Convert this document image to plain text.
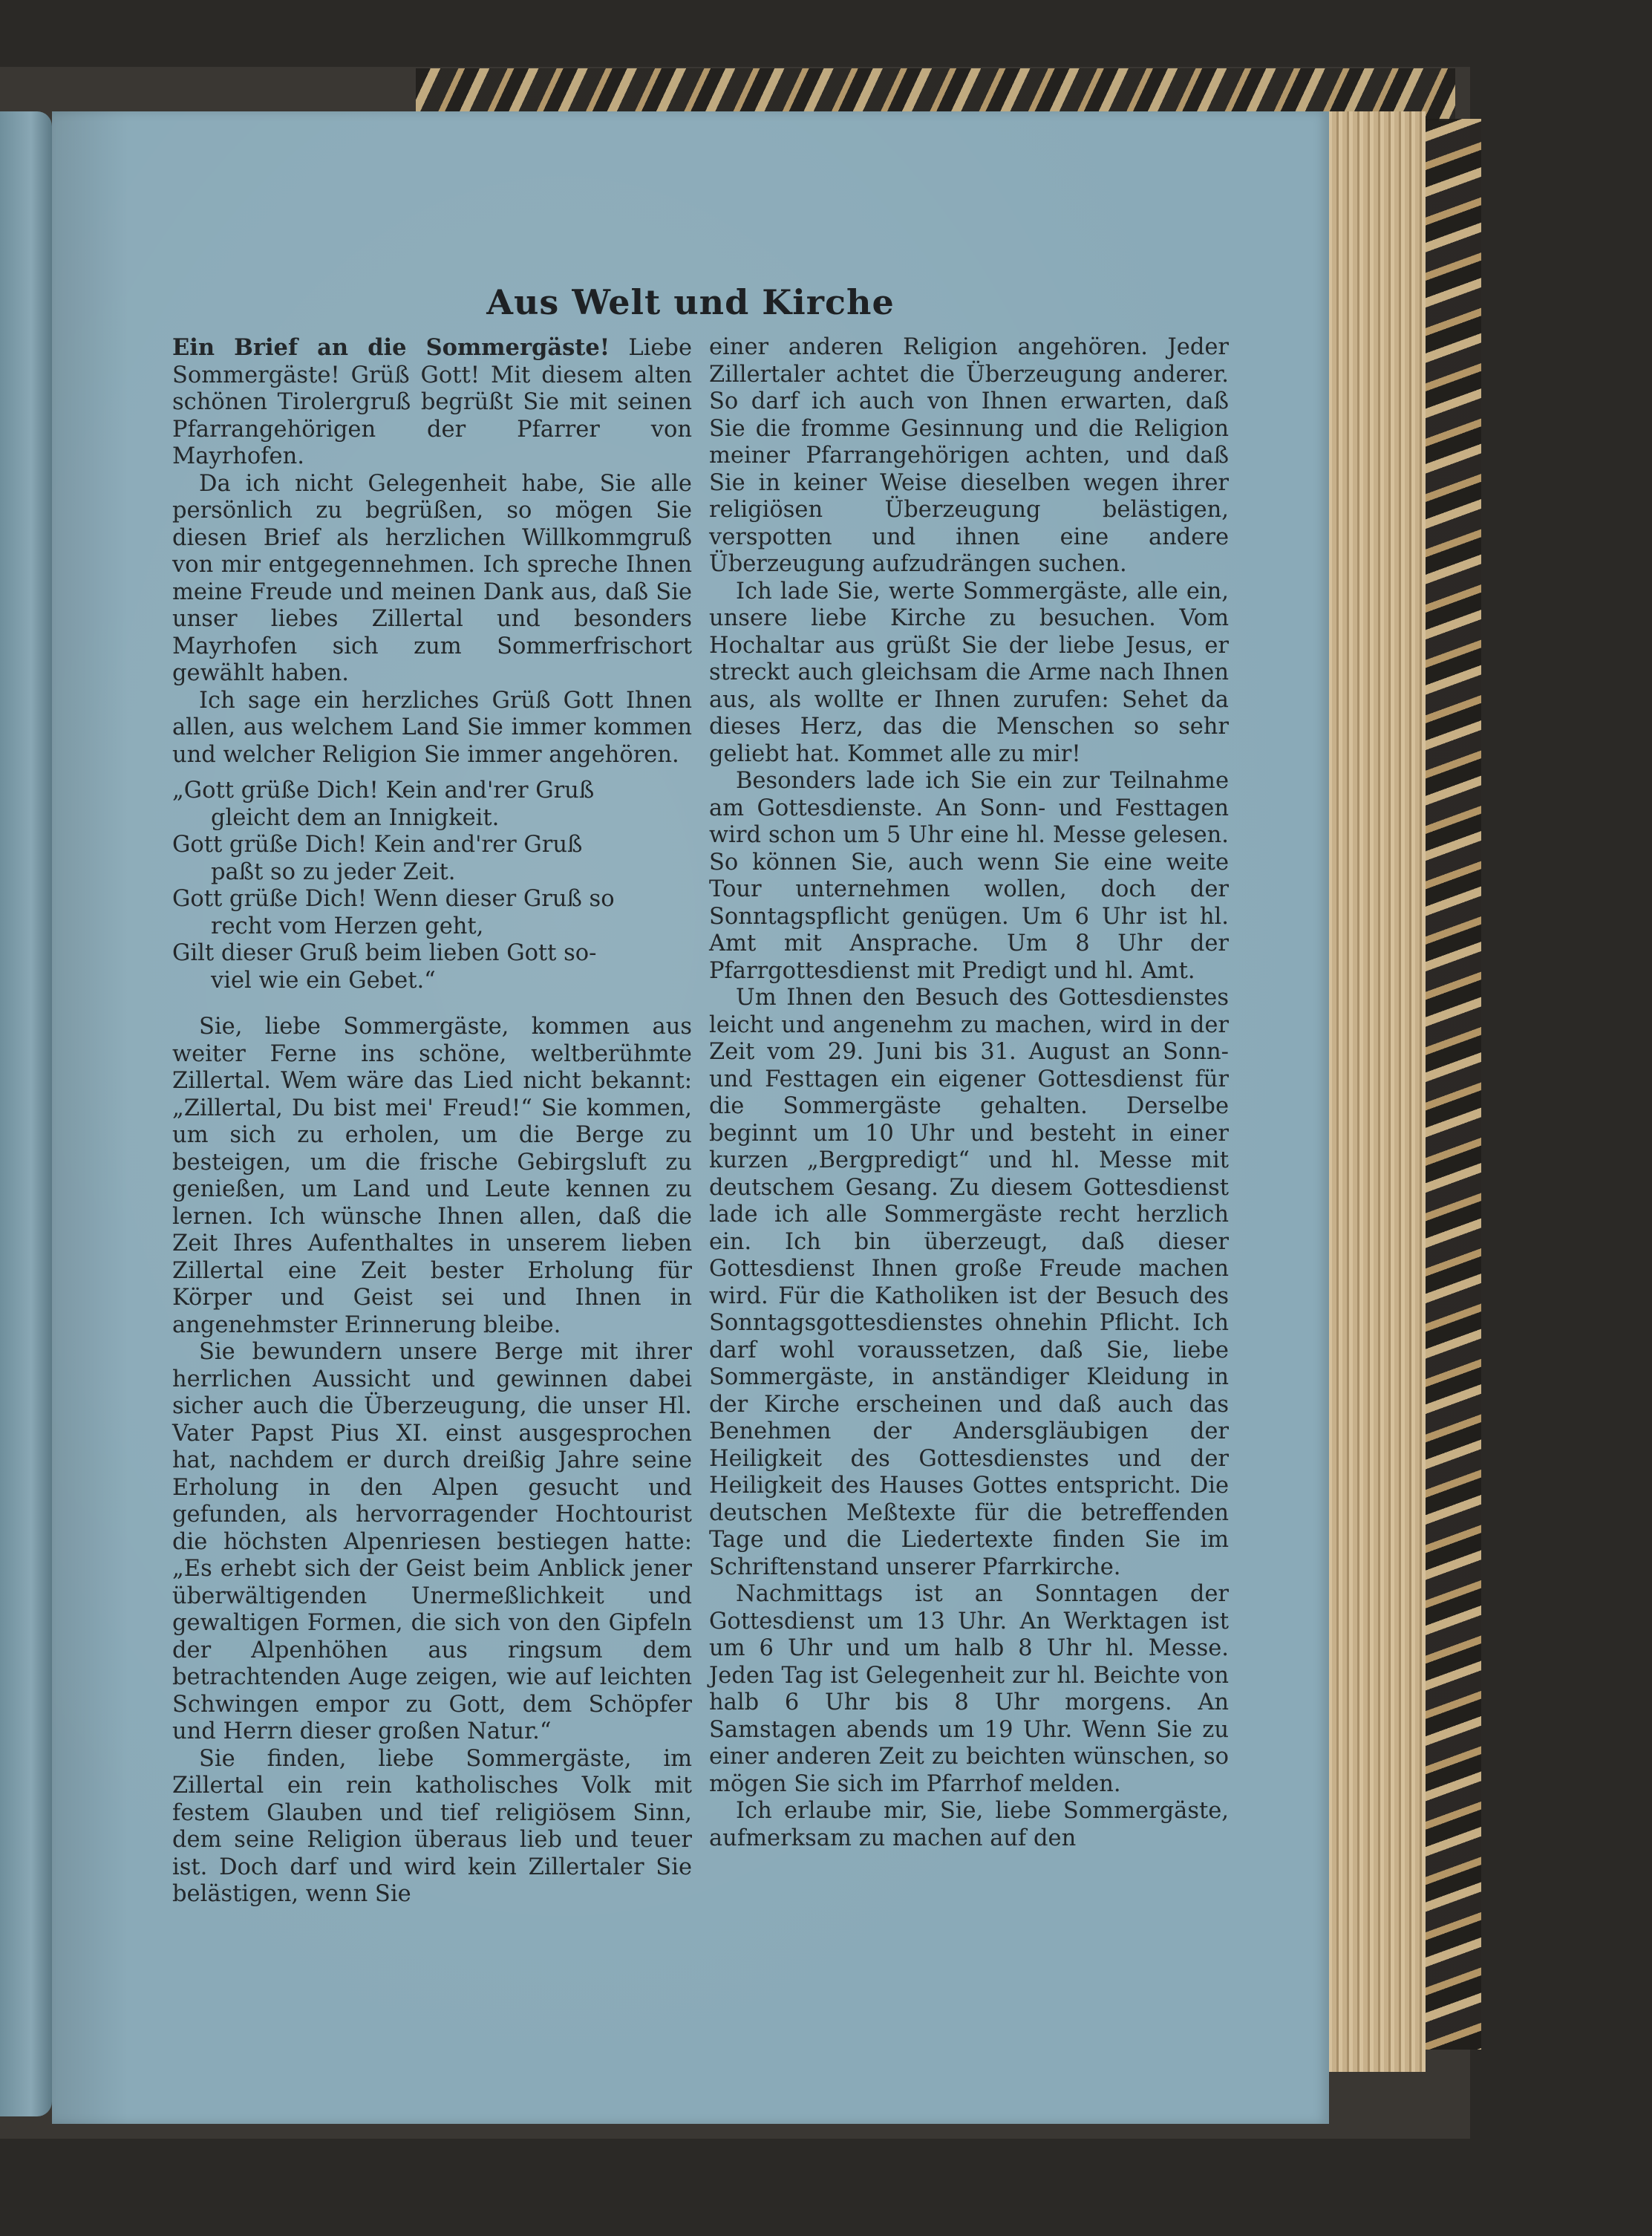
Aus Welt und Kirche

Ein Brief an die Sommergäste! Liebe Sommergäste! Grüß Gott! Mit diesem alten schönen Tirolergruß begrüßt Sie mit seinen Pfarrangehörigen der Pfarrer von Mayrhofen.

Da ich nicht Gelegenheit habe, Sie alle persönlich zu begrüßen, so mögen Sie diesen Brief als herzlichen Willkommgruß von mir entgegennehmen. Ich spreche Ihnen meine Freude und meinen Dank aus, daß Sie unser liebes Zillertal und besonders Mayrhofen sich zum Sommerfrischort gewählt haben.

Ich sage ein herzliches Grüß Gott Ihnen allen, aus welchem Land Sie immer kommen und welcher Religion Sie immer angehören.

„Gott grüße Dich! Kein and'rer Gruß
gleicht dem an Innigkeit.
Gott grüße Dich! Kein and'rer Gruß
paßt so zu jeder Zeit.
Gott grüße Dich! Wenn dieser Gruß so
recht vom Herzen geht,
Gilt dieser Gruß beim lieben Gott so-
viel wie ein Gebet.“

Sie, liebe Sommergäste, kommen aus weiter Ferne ins schöne, weltberühmte Zillertal. Wem wäre das Lied nicht bekannt: „Zillertal, Du bist mei' Freud!“ Sie kommen, um sich zu erholen, um die Berge zu besteigen, um die frische Gebirgsluft zu genießen, um Land und Leute kennen zu lernen. Ich wünsche Ihnen allen, daß die Zeit Ihres Aufenthaltes in unserem lieben Zillertal eine Zeit bester Erholung für Körper und Geist sei und Ihnen in angenehmster Erinnerung bleibe.

Sie bewundern unsere Berge mit ihrer herrlichen Aussicht und gewinnen dabei sicher auch die Überzeugung, die unser Hl. Vater Papst Pius XI. einst ausgesprochen hat, nachdem er durch dreißig Jahre seine Erholung in den Alpen gesucht und gefunden, als hervorragender Hochtourist die höchsten Alpenriesen bestiegen hatte: „Es erhebt sich der Geist beim Anblick jener überwältigenden Unermeßlichkeit und gewaltigen Formen, die sich von den Gipfeln der Alpenhöhen aus ringsum dem betrachtenden Auge zeigen, wie auf leichten Schwingen empor zu Gott, dem Schöpfer und Herrn dieser großen Natur.“

Sie finden, liebe Sommergäste, im Zillertal ein rein katholisches Volk mit festem Glauben und tief religiösem Sinn, dem seine Religion überaus lieb und teuer ist. Doch darf und wird kein Zillertaler Sie belästigen, wenn Sie

einer anderen Religion angehören. Jeder Zillertaler achtet die Überzeugung anderer. So darf ich auch von Ihnen erwarten, daß Sie die fromme Gesinnung und die Religion meiner Pfarrangehörigen achten, und daß Sie in keiner Weise dieselben wegen ihrer religiösen Überzeugung belästigen, verspotten und ihnen eine andere Überzeugung aufzudrängen suchen.

Ich lade Sie, werte Sommergäste, alle ein, unsere liebe Kirche zu besuchen. Vom Hochaltar aus grüßt Sie der liebe Jesus, er streckt auch gleichsam die Arme nach Ihnen aus, als wollte er Ihnen zurufen: Sehet da dieses Herz, das die Menschen so sehr geliebt hat. Kommet alle zu mir!

Besonders lade ich Sie ein zur Teilnahme am Gottesdienste. An Sonn- und Festtagen wird schon um 5 Uhr eine hl. Messe gelesen. So können Sie, auch wenn Sie eine weite Tour unternehmen wollen, doch der Sonntagspflicht genügen. Um 6 Uhr ist hl. Amt mit Ansprache. Um 8 Uhr der Pfarrgottesdienst mit Predigt und hl. Amt.

Um Ihnen den Besuch des Gottesdienstes leicht und angenehm zu machen, wird in der Zeit vom 29. Juni bis 31. August an Sonn- und Festtagen ein eigener Gottesdienst für die Sommergäste gehalten. Derselbe beginnt um 10 Uhr und besteht in einer kurzen „Bergpredigt“ und hl. Messe mit deutschem Gesang. Zu diesem Gottesdienst lade ich alle Sommergäste recht herzlich ein. Ich bin überzeugt, daß dieser Gottesdienst Ihnen große Freude machen wird. Für die Katholiken ist der Besuch des Sonntagsgottesdienstes ohnehin Pflicht. Ich darf wohl voraussetzen, daß Sie, liebe Sommergäste, in anständiger Kleidung in der Kirche erscheinen und daß auch das Benehmen der Andersgläubigen der Heiligkeit des Gottesdienstes und der Heiligkeit des Hauses Gottes entspricht. Die deutschen Meßtexte für die betreffenden Tage und die Liedertexte finden Sie im Schriftenstand unserer Pfarrkirche.

Nachmittags ist an Sonntagen der Gottesdienst um 13 Uhr. An Werktagen ist um 6 Uhr und um halb 8 Uhr hl. Messe. Jeden Tag ist Gelegenheit zur hl. Beichte von halb 6 Uhr bis 8 Uhr morgens. An Samstagen abends um 19 Uhr. Wenn Sie zu einer anderen Zeit zu beichten wünschen, so mögen Sie sich im Pfarrhof melden.

Ich erlaube mir, Sie, liebe Sommergäste, aufmerksam zu machen auf den
